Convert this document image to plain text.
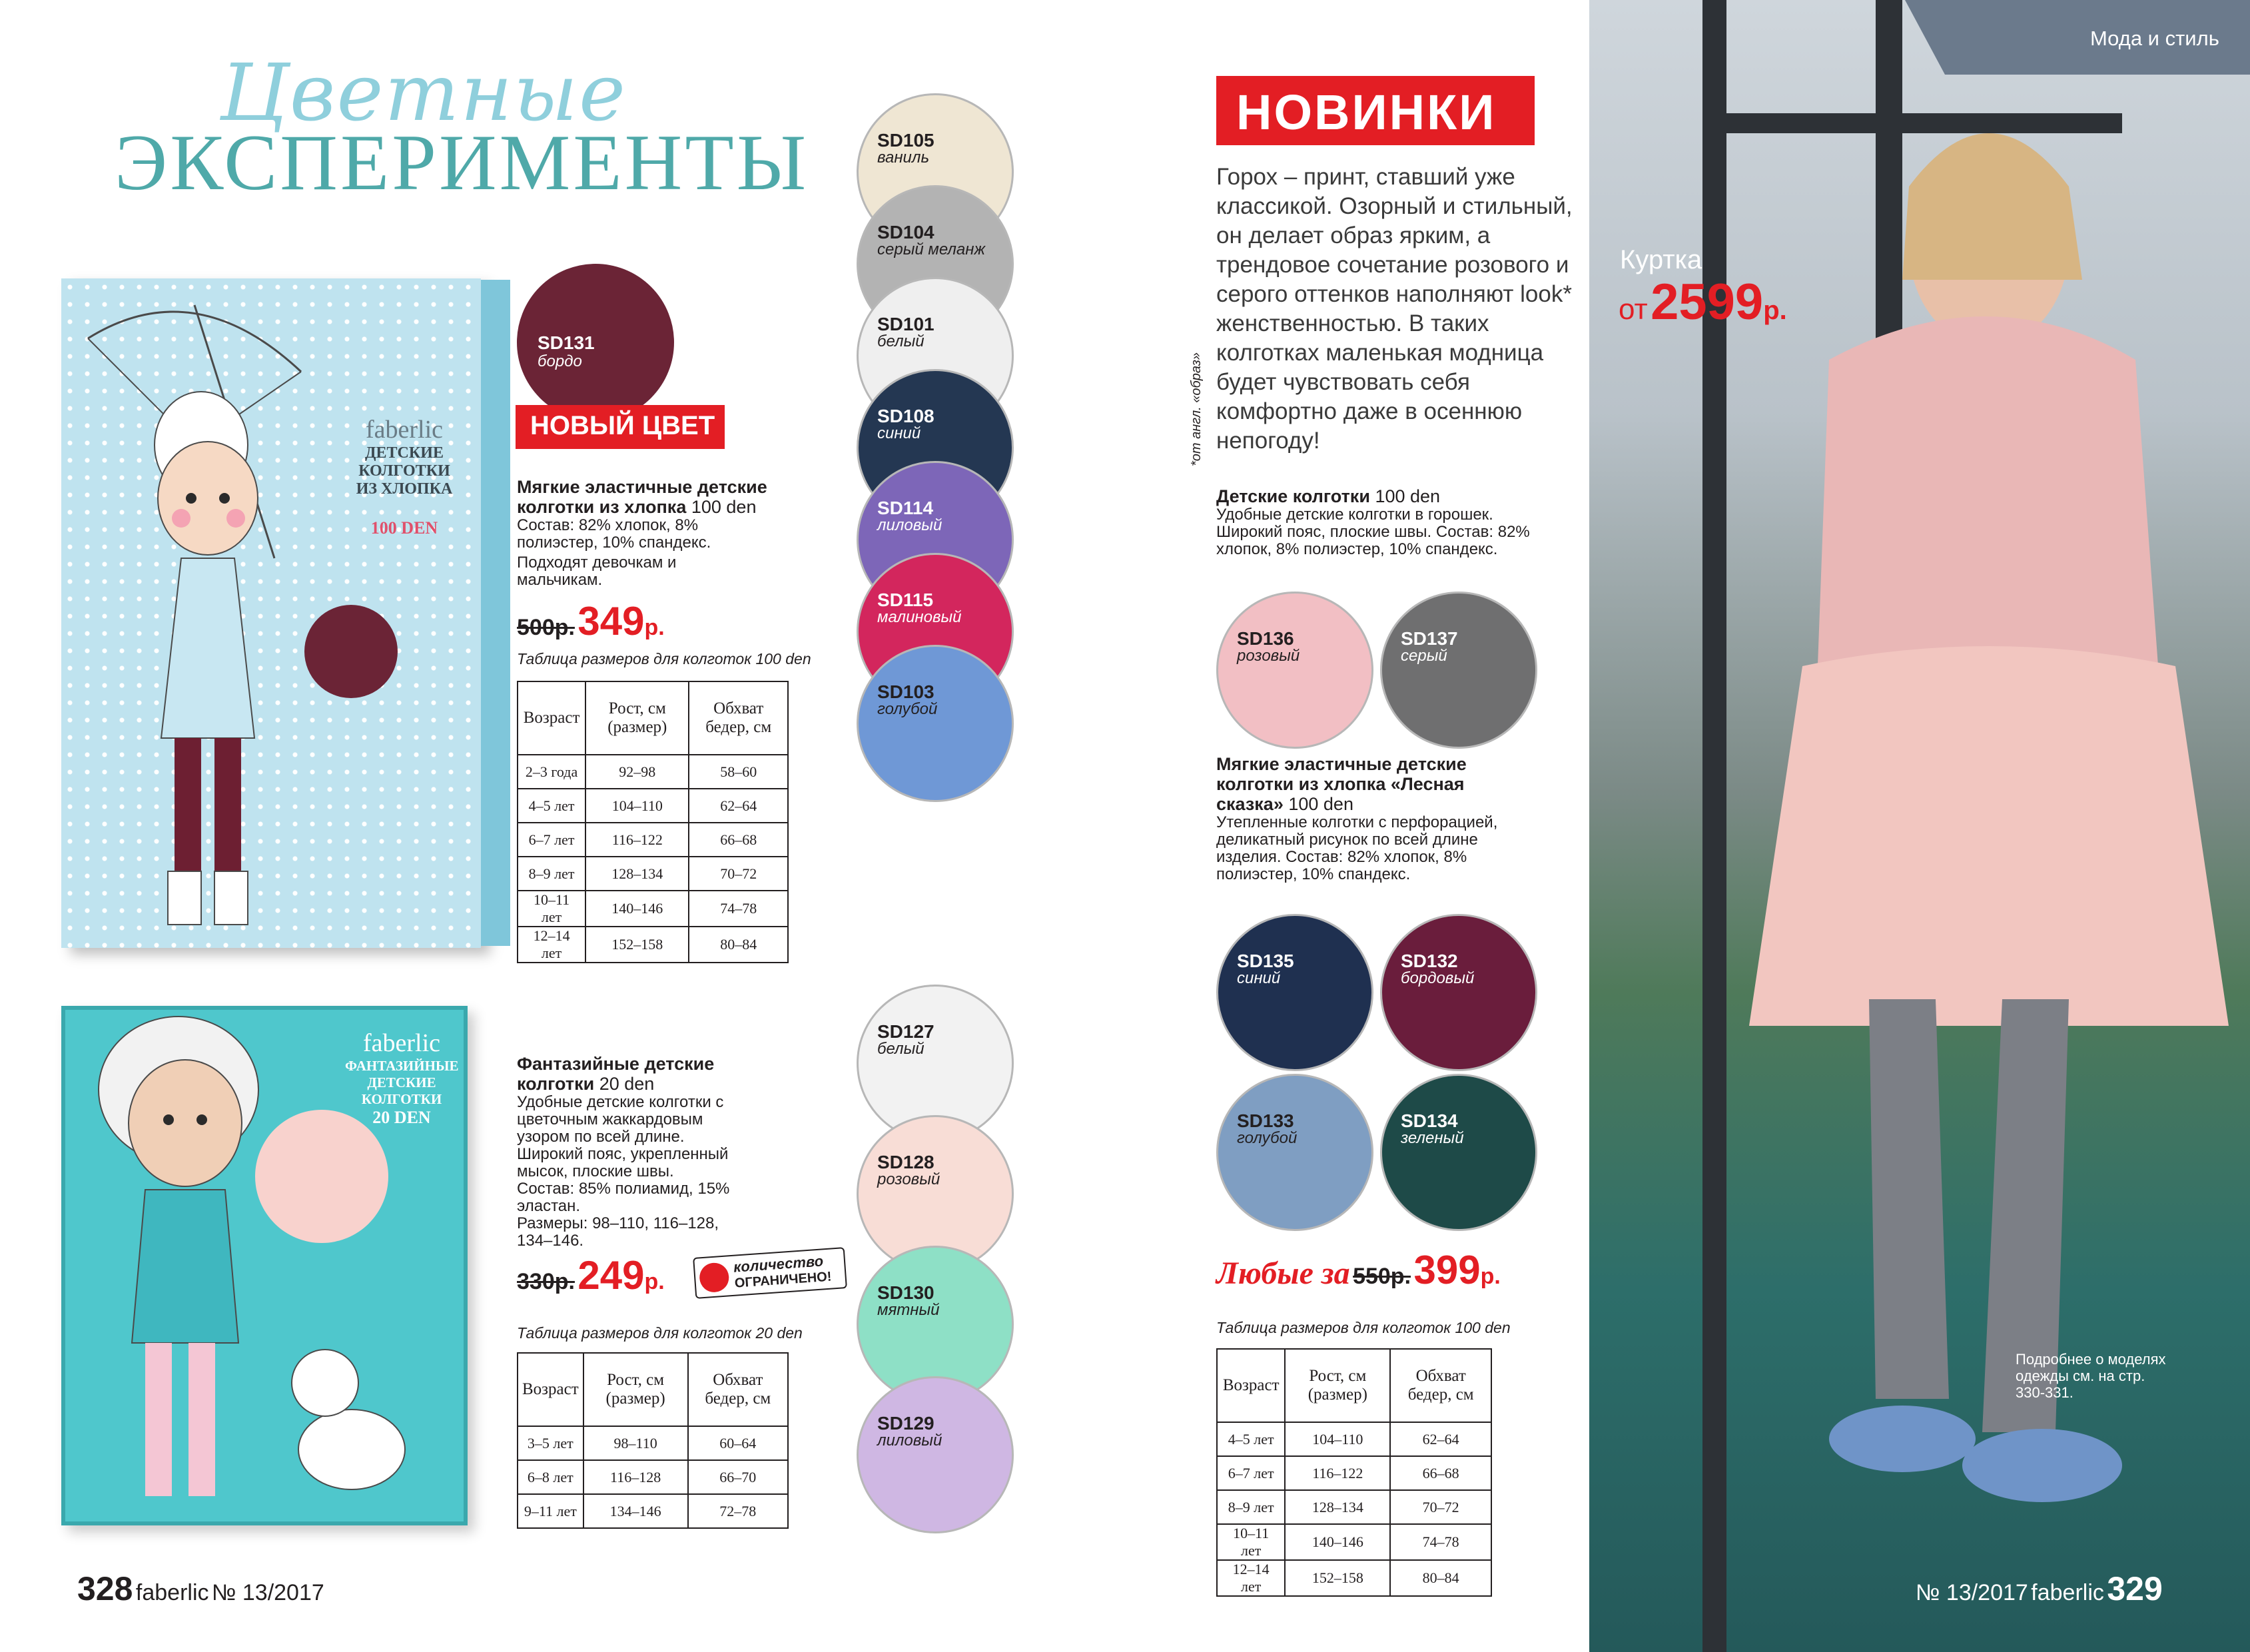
Цветные
ЭКСПЕРИМЕНТЫ
faberlic
ДЕТСКИЕ
КОЛГОТКИ
ИЗ ХЛОПКА
100 DEN
faberlic
ФАНТАЗИЙНЫЕ
ДЕТСКИЕ
КОЛГОТКИ
20 DEN
SD131
бордо
НОВЫЙ ЦВЕТ
Мягкие эластичные детские колготки из хлопка 100 den
Состав: 82% хлопок, 8% полиэстер, 10% спандекс.
Подходят девочкам и мальчикам.
500р. 349р.
Таблица размеров для колготок 100 den
Возраст	Рост, см (размер)	Обхват бедер, см
2–3 года	92–98	58–60
4–5 лет	104–110	62–64
6–7 лет	116–122	66–68
8–9 лет	128–134	70–72
10–11 лет	140–146	74–78
12–14 лет	152–158	80–84
SD105
ваниль
SD104
серый меланж
SD101
белый
SD108
синий
SD114
лиловый
SD115
малиновый
SD103
голубой
Фантазийные детские колготки 20 den
Удобные детские колготки с цветочным жаккардовым узором по всей длине. Широкий пояс, укрепленный мысок, плоские швы.
Состав: 85% полиамид, 15% эластан.
Размеры: 98–110, 116–128, 134–146.
330р. 249р.
количество
ОГРАНИЧЕНО!
Таблица размеров для колготок 20 den
Возраст	Рост, см (размер)	Обхват бедер, см
3–5 лет	98–110	60–64
6–8 лет	116–128	66–70
9–11 лет	134–146	72–78
SD127
белый
SD128
розовый
SD130
мятный
SD129
лиловый
328 faberlic № 13/2017
НОВИНКИ
Горох – принт, ставший уже классикой. Озорный и стильный, он делает образ ярким, а трендовое сочетание розового и серого оттенков наполняют look* женственностью. В таких колготках маленькая модница будет чувствовать себя комфортно даже в осеннюю непогоду!
*от англ. «образ»
Детские колготки 100 den
Удобные детские колготки в горошек. Широкий пояс, плоские швы. Состав: 82% хлопок, 8% полиэстер, 10% спандекс.
SD136
розовый
SD137
серый
Мягкие эластичные детские колготки из хлопка «Лесная сказка» 100 den
Утепленные колготки с перфорацией, деликатный рисунок по всей длине изделия. Состав: 82% хлопок, 8% полиэстер, 10% спандекс.
SD135
синий
SD132
бордовый
SD133
голубой
SD134
зеленый
Любые за 550р. 399р.
Таблица размеров для колготок 100 den
Возраст	Рост, см (размер)	Обхват бедер, см
4–5 лет	104–110	62–64
6–7 лет	116–122	66–68
8–9 лет	128–134	70–72
10–11 лет	140–146	74–78
12–14 лет	152–158	80–84
Мода и стиль
Куртка
от 2599р.
Подробнее о моделях одежды см. на стр. 330-331.
№ 13/2017 faberlic 329
